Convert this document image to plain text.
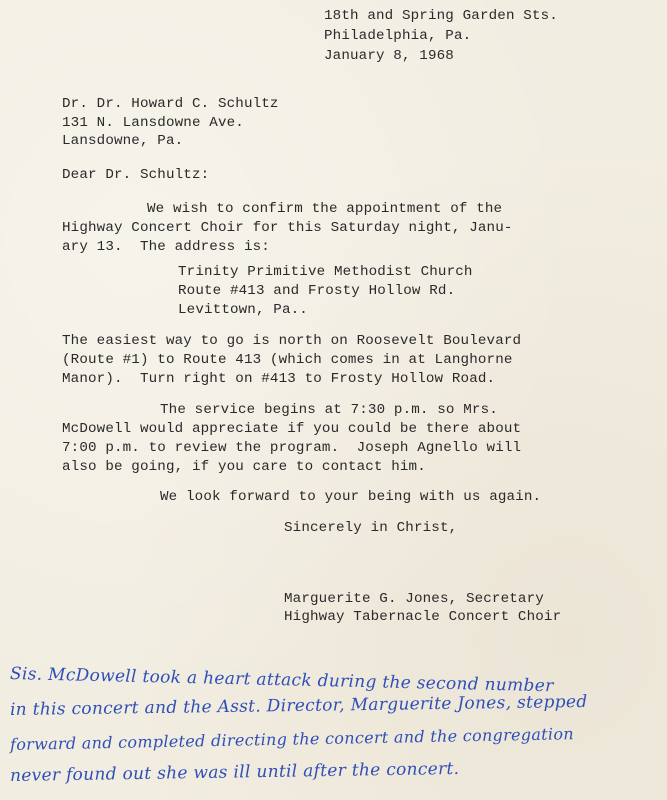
18th and Spring Garden Sts.

Philadelphia, Pa.

January 8, 1968

Dr. Dr. Howard C. Schultz

131 N. Lansdowne Ave.

Lansdowne, Pa.

Dear Dr. Schultz:

We wish to confirm the appointment of the

Highway Concert Choir for this Saturday night, Janu-

ary 13.  The address is:

Trinity Primitive Methodist Church

Route #413 and Frosty Hollow Rd.

Levittown, Pa..

The easiest way to go is north on Roosevelt Boulevard

(Route #1) to Route 413 (which comes in at Langhorne

Manor).  Turn right on #413 to Frosty Hollow Road.

The service begins at 7:30 p.m. so Mrs.

McDowell would appreciate if you could be there about

7:00 p.m. to review the program.  Joseph Agnello will

also be going, if you care to contact him.

We look forward to your being with us again.

Sincerely in Christ,

Marguerite G. Jones, Secretary

Highway Tabernacle Concert Choir

Sis. McDowell took a heart attack during the second number
in this concert and the Asst. Director, Marguerite Jones, stepped
forward and completed directing the concert and the congregation
never found out she was ill until after the concert.
